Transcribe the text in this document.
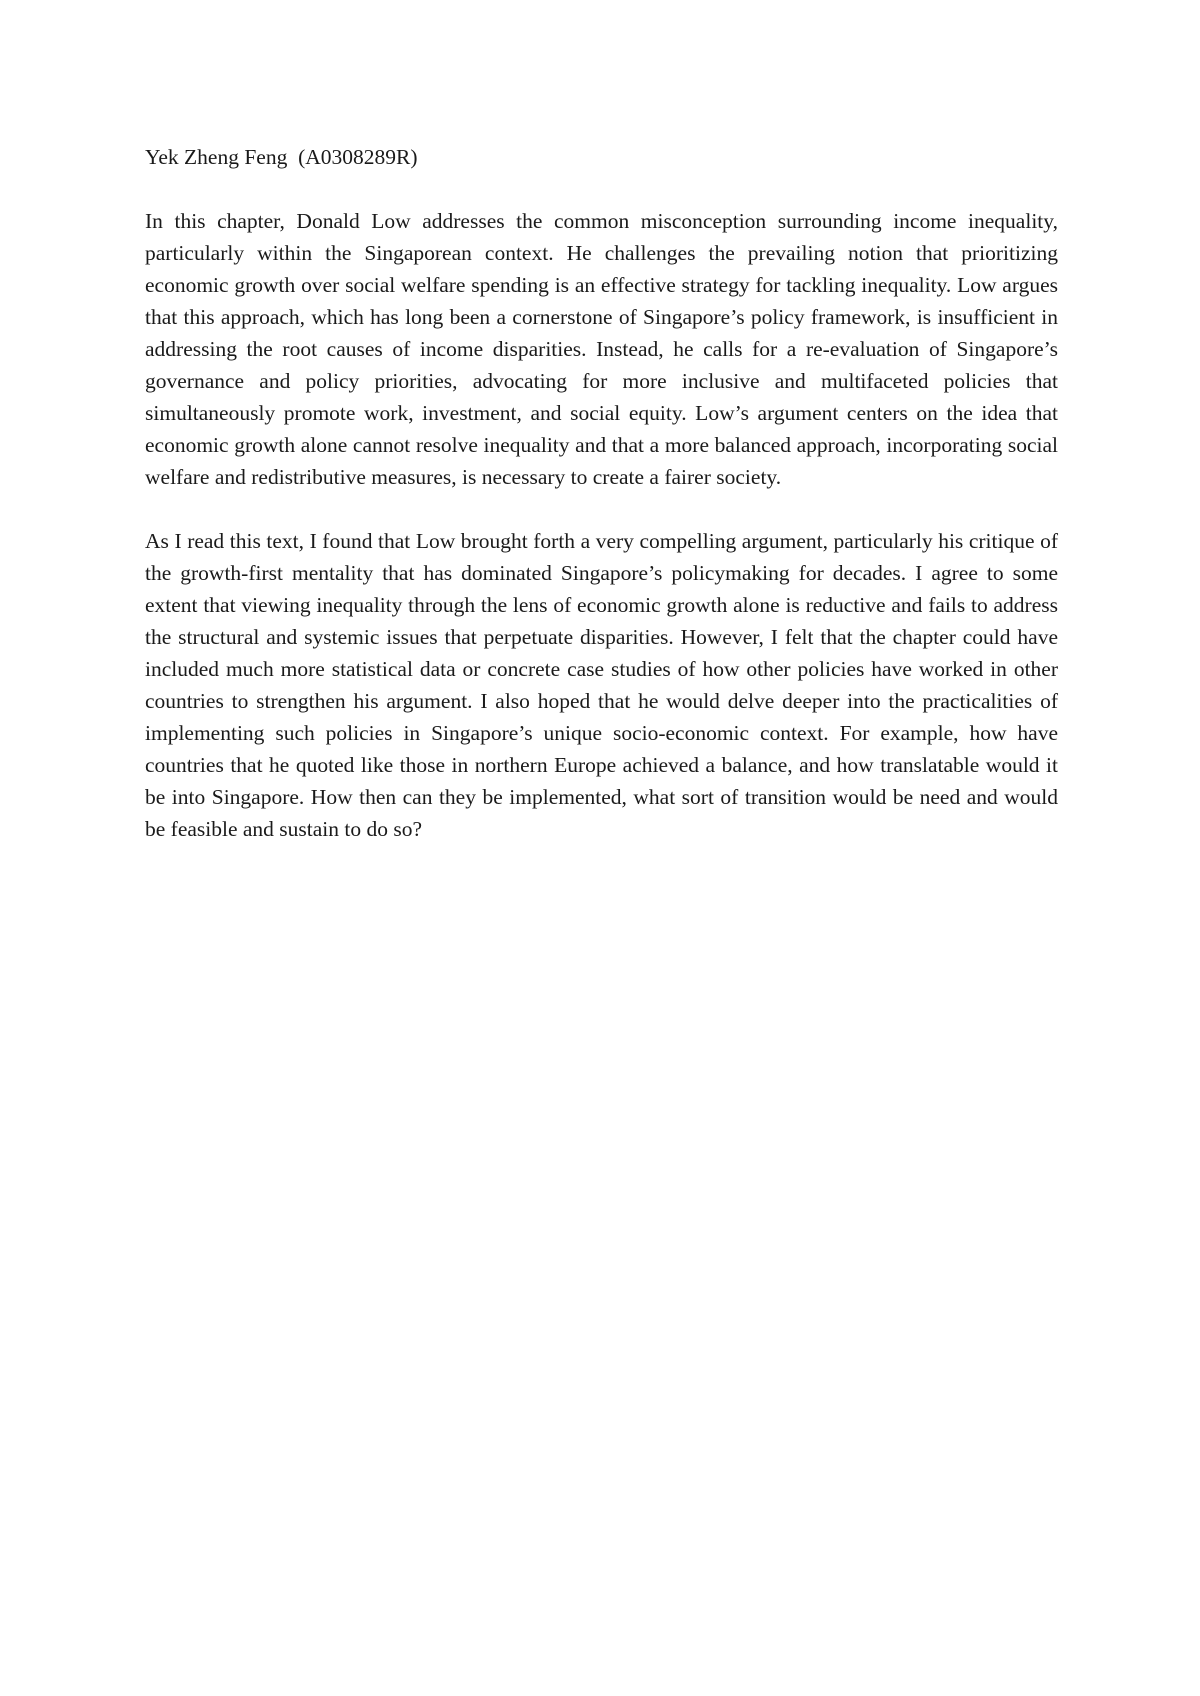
Yek Zheng Feng  (A0308289R)

In this chapter, Donald Low addresses the common misconception surrounding income inequality, particularly within the Singaporean context. He challenges the prevailing notion that prioritizing economic growth over social welfare spending is an effective strategy for tackling inequality. Low argues that this approach, which has long been a cornerstone of Singapore’s policy framework, is insufficient in addressing the root causes of income disparities. Instead, he calls for a re-evaluation of Singapore’s governance and policy priorities, advocating for more inclusive and multifaceted policies that simultaneously promote work, investment, and social equity. Low’s argument centers on the idea that economic growth alone cannot resolve inequality and that a more balanced approach, incorporating social welfare and redistributive measures, is necessary to create a fairer society.

As I read this text, I found that Low brought forth a very compelling argument, particularly his critique of the growth-first mentality that has dominated Singapore’s policymaking for decades. I agree to some extent that viewing inequality through the lens of economic growth alone is reductive and fails to address the structural and systemic issues that perpetuate disparities. However, I felt that the chapter could have included much more statistical data or concrete case studies of how other policies have worked in other countries to strengthen his argument. I also hoped that he would delve deeper into the practicalities of implementing such policies in Singapore’s unique socio-economic context. For example, how have countries that he quoted like those in northern Europe achieved a balance, and how translatable would it be into Singapore. How then can they be implemented, what sort of transition would be need and would be feasible and sustain to do so?
